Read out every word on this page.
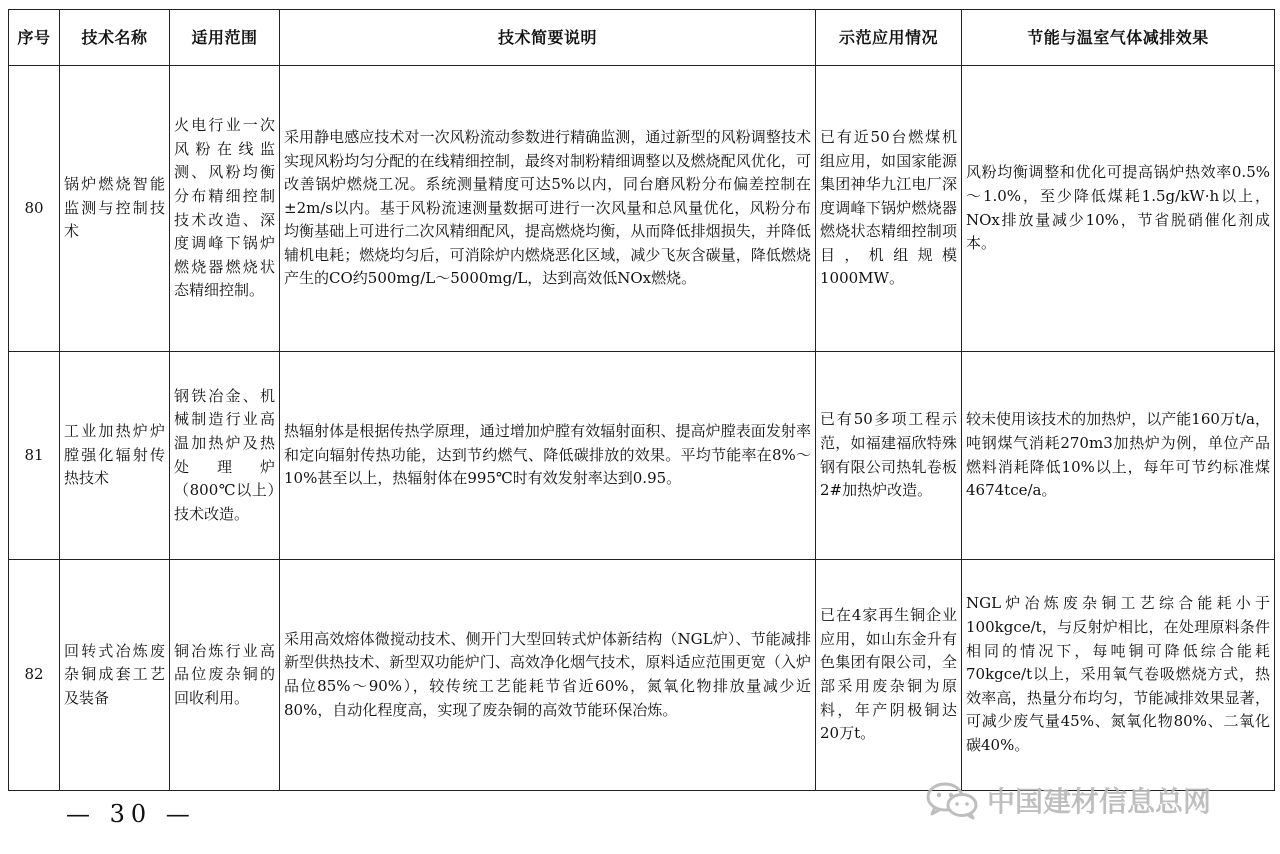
序号	技术名称	适用范围	技术简要说明	示范应用情况	节能与温室气体减排效果
80	锅炉燃烧智能监测与控制技术	火电行业一次风粉在线监测、风粉均衡分布精细控制技术改造、深度调峰下锅炉燃烧器燃烧状态精细控制。	采用静电感应技术对一次风粉流动参数进行精确监测，通过新型的风粉调整技术实现风粉均匀分配的在线精细控制，最终对制粉精细调整以及燃烧配风优化，可改善锅炉燃烧工况。系统测量精度可达5%以内，同台磨风粉分布偏差控制在±2m/s以内。基于风粉流速测量数据可进行一次风量和总风量优化，风粉分布均衡基础上可进行二次风精细配风，提高燃烧均衡，从而降低排烟损失，并降低辅机电耗；燃烧均匀后，可消除炉内燃烧恶化区域，减少飞灰含碳量，降低燃烧产生的CO约500mg/L～5000mg/L，达到高效低NOx燃烧。	已有近50台燃煤机组应用，如国家能源集团神华九江电厂深度调峰下锅炉燃烧器燃烧状态精细控制项目，机组规模1000MW。	风粉均衡调整和优化可提高锅炉热效率0.5%～1.0%，至少降低煤耗1.5g/kW·h以上，NOx排放量减少10%，节省脱硝催化剂成本。
81	工业加热炉炉膛强化辐射传热技术	钢铁冶金、机械制造行业高温加热炉及热处理炉（800℃以上）技术改造。	热辐射体是根据传热学原理，通过增加炉膛有效辐射面积、提高炉膛表面发射率和定向辐射传热功能，达到节约燃气、降低碳排放的效果。平均节能率在8%～10%甚至以上，热辐射体在995℃时有效发射率达到0.95。	已有50多项工程示范，如福建福欣特殊钢有限公司热轧卷板2#加热炉改造。	较未使用该技术的加热炉，以产能160万t/a，吨钢煤气消耗270m3加热炉为例，单位产品燃料消耗降低10%以上，每年可节约标准煤4674tce/a。
82	回转式冶炼废杂铜成套工艺及装备	铜冶炼行业高品位废杂铜的回收利用。	采用高效熔体微搅动技术、侧开门大型回转式炉体新结构（NGL炉）、节能减排新型供热技术、新型双功能炉门、高效净化烟气技术，原料适应范围更宽（入炉品位85%～90%），较传统工艺能耗节省近60%，氮氧化物排放量减少近80%，自动化程度高，实现了废杂铜的高效节能环保冶炼。	已在4家再生铜企业应用，如山东金升有色集团有限公司，全部采用废杂铜为原料，年产阴极铜达20万t。	NGL炉冶炼废杂铜工艺综合能耗小于100kgce/t，与反射炉相比，在处理原料条件相同的情况下，每吨铜可降低综合能耗70kgce/t以上，采用氧气卷吸燃烧方式，热效率高，热量分布均匀，节能减排效果显著，可减少废气量45%、氮氧化物80%、二氧化碳40%。
— 30 —	中国建材信息总网
